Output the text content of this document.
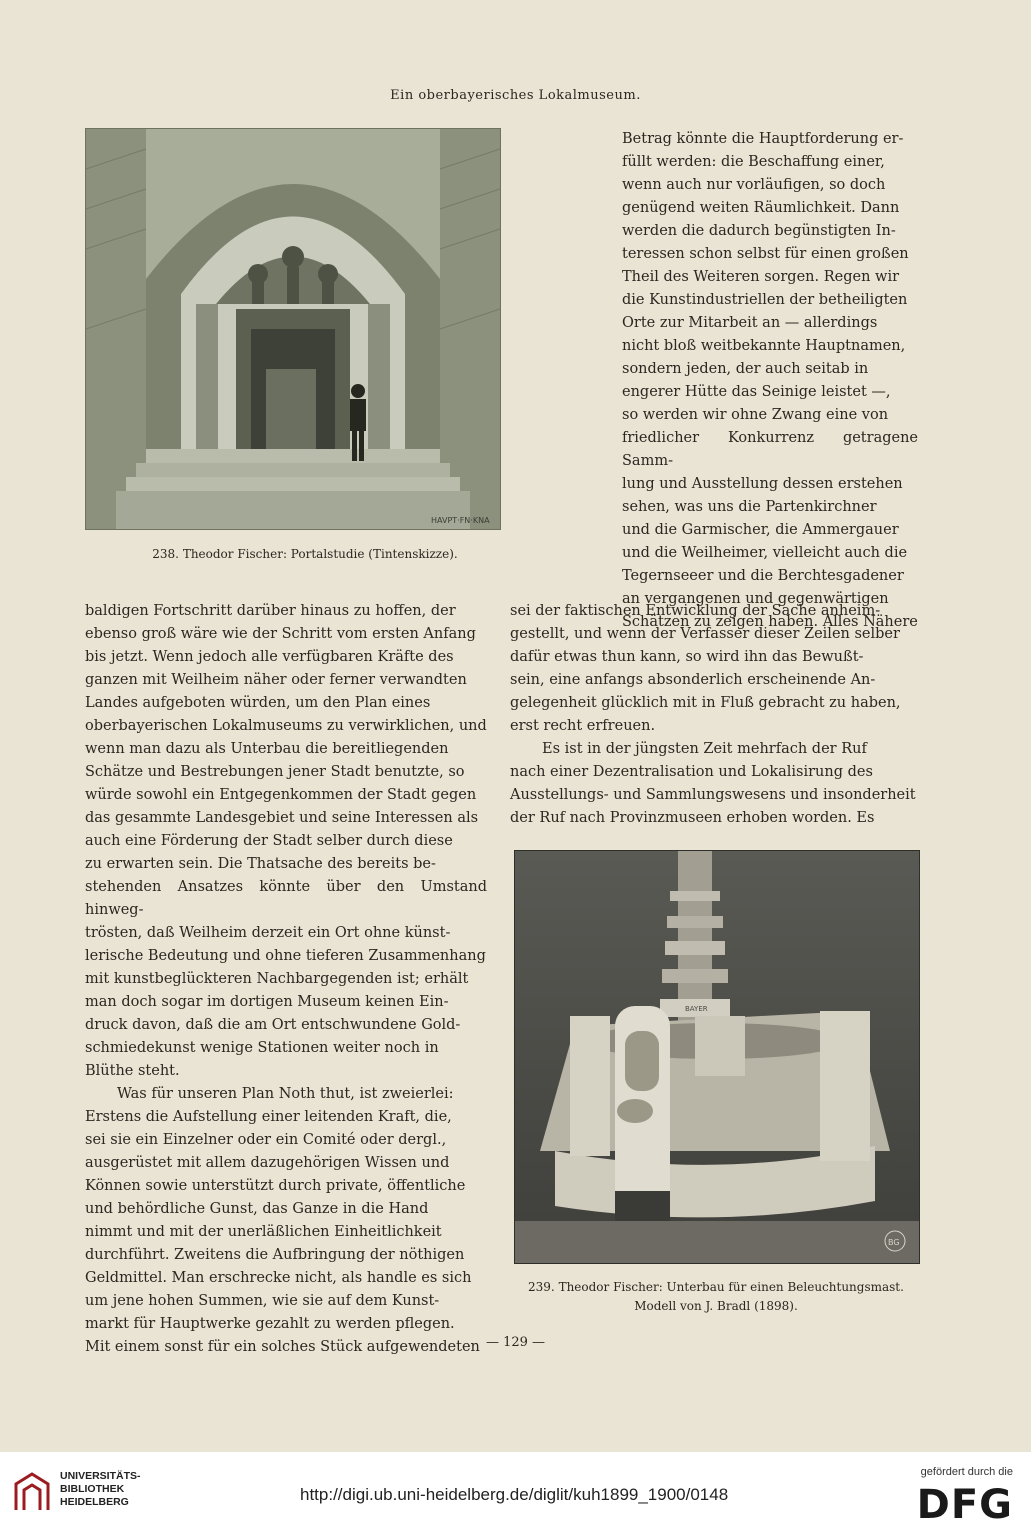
Ein oberbayerisches Lokalmuseum.
HAVPT·FN·KNA
238. Theodor Fischer: Portalstudie (Tintenskizze).

Betrag könnte die Hauptforderung er-

füllt werden: die Beschaffung einer,

wenn auch nur vorläufigen, so doch

genügend weiten Räumlichkeit. Dann

werden die dadurch begünstigten In-

teressen schon selbst für einen großen

Theil des Weiteren sorgen. Regen wir

die Kunstindustriellen der betheiligten

Orte zur Mitarbeit an — allerdings

nicht bloß weitbekannte Hauptnamen,

sondern jeden, der auch seitab in

engerer Hütte das Seinige leistet —,

so werden wir ohne Zwang eine von

friedlicher Konkurrenz getragene Samm-

lung und Ausstellung dessen erstehen

sehen, was uns die Partenkirchner

und die Garmischer, die Ammergauer

und die Weilheimer, vielleicht auch die

Tegernseeer und die Berchtesgadener

an vergangenen und gegenwärtigen

Schätzen zu zeigen haben. Alles Nähere

sei der faktischen Entwicklung der Sache anheim-

gestellt, und wenn der Verfasser dieser Zeilen selber

dafür etwas thun kann, so wird ihn das Bewußt-

sein, eine anfangs absonderlich erscheinende An-

gelegenheit glücklich mit in Fluß gebracht zu haben,

erst recht erfreuen.

Es ist in der jüngsten Zeit mehrfach der Ruf

nach einer Dezentralisation und Lokalisirung des

Ausstellungs- und Sammlungswesens und insonderheit

der Ruf nach Provinzmuseen erhoben worden. Es

baldigen Fortschritt darüber hinaus zu hoffen, der

ebenso groß wäre wie der Schritt vom ersten Anfang

bis jetzt. Wenn jedoch alle verfügbaren Kräfte des

ganzen mit Weilheim näher oder ferner verwandten

Landes aufgeboten würden, um den Plan eines

oberbayerischen Lokalmuseums zu verwirklichen, und

wenn man dazu als Unterbau die bereitliegenden

Schätze und Bestrebungen jener Stadt benutzte, so

würde sowohl ein Entgegenkommen der Stadt gegen

das gesammte Landesgebiet und seine Interessen als

auch eine Förderung der Stadt selber durch diese

zu erwarten sein. Die Thatsache des bereits be-

stehenden Ansatzes könnte über den Umstand hinweg-

trösten, daß Weilheim derzeit ein Ort ohne künst-

lerische Bedeutung und ohne tieferen Zusammenhang

mit kunstbeglückteren Nachbargegenden ist; erhält

man doch sogar im dortigen Museum keinen Ein-

druck davon, daß die am Ort entschwundene Gold-

schmiedekunst wenige Stationen weiter noch in

Blüthe steht.

Was für unseren Plan Noth thut, ist zweierlei:

Erstens die Aufstellung einer leitenden Kraft, die,

sei sie ein Einzelner oder ein Comité oder dergl.,

ausgerüstet mit allem dazugehörigen Wissen und

Können sowie unterstützt durch private, öffentliche

und behördliche Gunst, das Ganze in die Hand

nimmt und mit der unerläßlichen Einheitlichkeit

durchführt. Zweitens die Aufbringung der nöthigen

Geldmittel. Man erschrecke nicht, als handle es sich

um jene hohen Summen, wie sie auf dem Kunst-

markt für Hauptwerke gezahlt zu werden pflegen.

Mit einem sonst für ein solches Stück aufgewendeten

BAYER
BG
239. Theodor Fischer: Unterbau für einen Beleuchtungsmast.
Modell von J. Bradl (1898).
— 129 —
UNIVERSITÄTS-
BIBLIOTHEK
HEIDELBERG	http://digi.ub.uni-heidelberg.de/diglit/kuh1899_1900/0148
gefördert durch die
DFG
